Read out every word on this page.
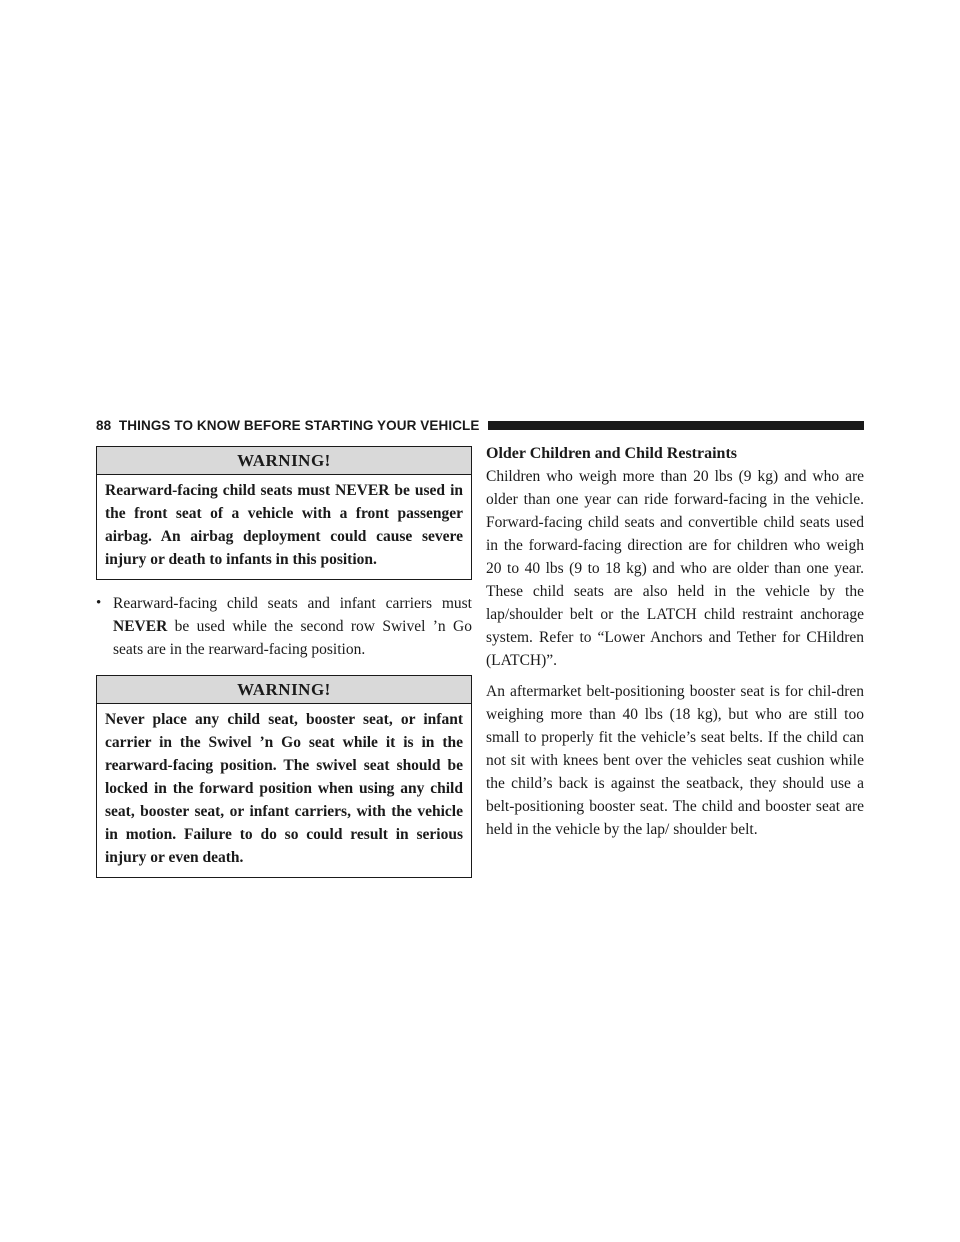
88 THINGS TO KNOW BEFORE STARTING YOUR VEHICLE
WARNING!
Rearward-facing child seats must NEVER be used in the front seat of a vehicle with a front passenger airbag. An airbag deployment could cause severe injury or death to infants in this position.
• Rearward-facing child seats and infant carriers must NEVER be used while the second row Swivel ’n Go seats are in the rearward-facing position.
WARNING!
Never place any child seat, booster seat, or infant carrier in the Swivel ’n Go seat while it is in the rearward-facing position. The swivel seat should be locked in the forward position when using any child seat, booster seat, or infant carriers, with the vehicle in motion. Failure to do so could result in serious injury or even death.
Older Children and Child Restraints

Children who weigh more than 20 lbs (9 kg) and who are older than one year can ride forward-facing in the vehicle. Forward-facing child seats and convertible child seats used in the forward-facing direction are for children who weigh 20 to 40 lbs (9 to 18 kg) and who are older than one year. These child seats are also held in the vehicle by the lap/shoulder belt or the LATCH child restraint anchorage system. Refer to “Lower Anchors and Tether for CHildren (LATCH)”.

An aftermarket belt-positioning booster seat is for chil-dren weighing more than 40 lbs (18 kg), but who are still too small to properly fit the vehicle’s seat belts. If the child can not sit with knees bent over the vehicles seat cushion while the child’s back is against the seatback, they should use a belt-positioning booster seat. The child and booster seat are held in the vehicle by the lap/ shoulder belt.
